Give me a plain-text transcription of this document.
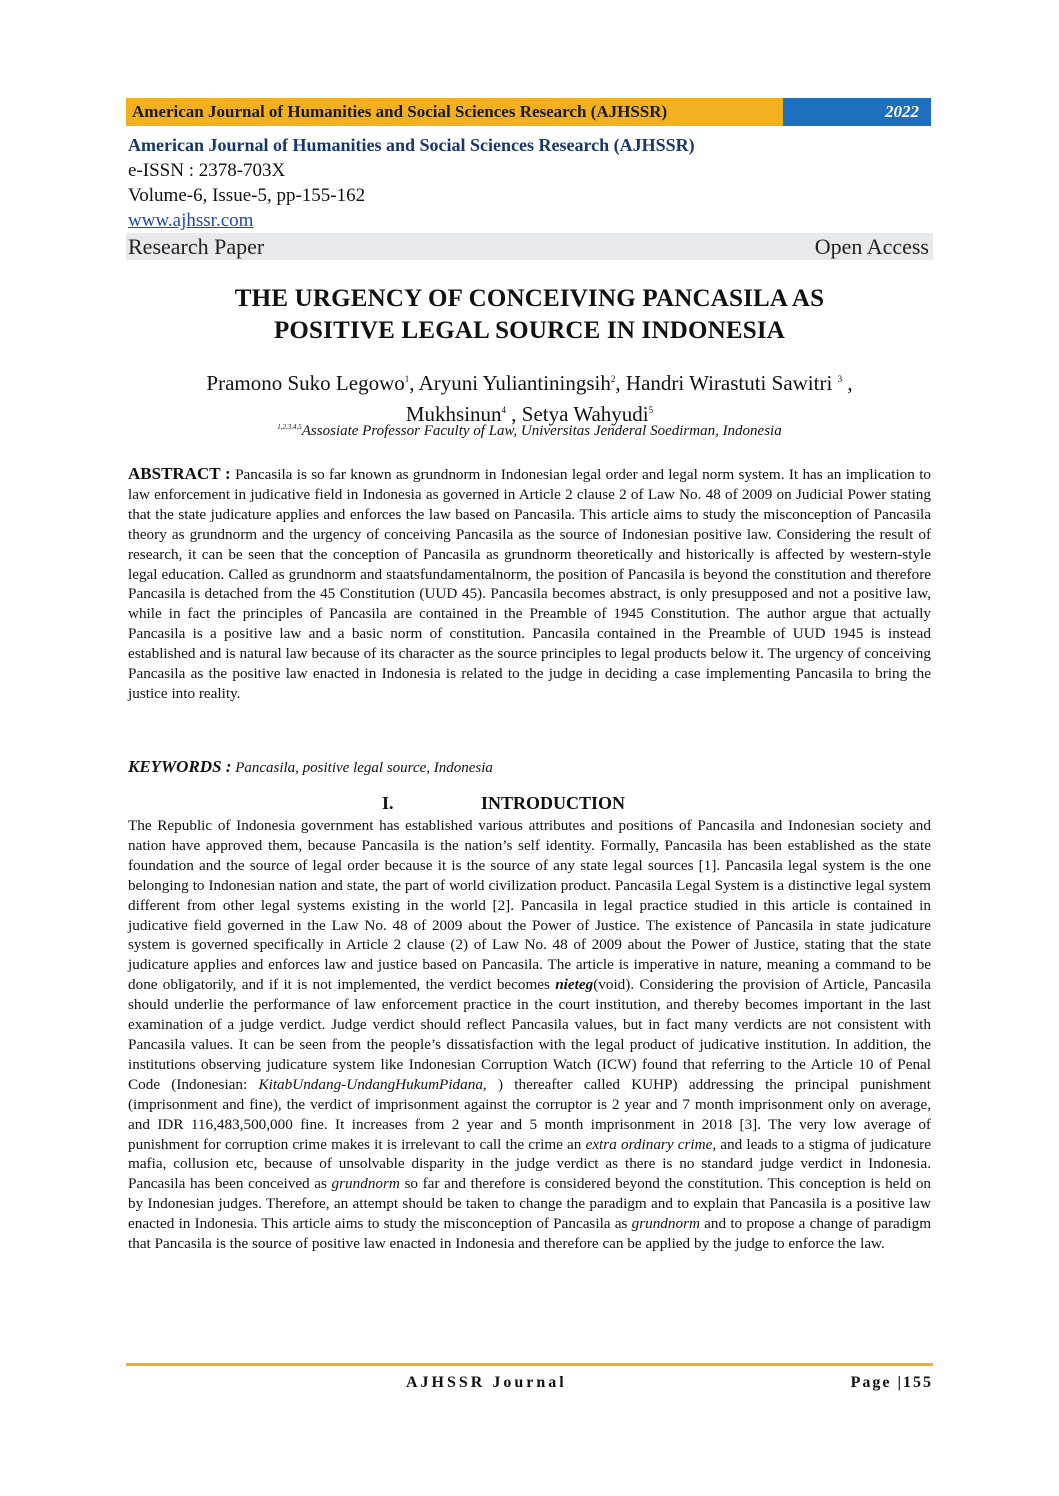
American Journal of Humanities and Social Sciences Research (AJHSSR)	2022
American Journal of Humanities and Social Sciences Research (AJHSSR)
e-ISSN : 2378-703X
Volume-6, Issue-5, pp-155-162
www.ajhssr.com
Research Paper	Open Access
THE URGENCY OF CONCEIVING PANCASILA AS
POSITIVE LEGAL SOURCE IN INDONESIA
Pramono Suko Legowo$^1$, Aryuni Yuliantiningsih$^2$, Handri Wirastuti Sawitri $^3$ ,
Mukhsinun$^4$ , Setya Wahyudi$^5$
$^{1,2,3,4,5}$Assosiate Professor Faculty of Law, Universitas Jenderal Soedirman, Indonesia
ABSTRACT : Pancasila is so far known as grundnorm in Indonesian legal order and legal norm system. It has an implication to law enforcement in judicative field in Indonesia as governed in Article 2 clause 2 of Law No. 48 of 2009 on Judicial Power stating that the state judicature applies and enforces the law based on Pancasila. This article aims to study the misconception of Pancasila theory as grundnorm and the urgency of conceiving Pancasila as the source of Indonesian positive law. Considering the result of research, it can be seen that the conception of Pancasila as grundnorm theoretically and historically is affected by western-style legal education. Called as grundnorm and staatsfundamentalnorm, the position of Pancasila is beyond the constitution and therefore Pancasila is detached from the 45 Constitution (UUD 45). Pancasila becomes abstract, is only presupposed and not a positive law, while in fact the principles of Pancasila are contained in the Preamble of 1945 Constitution. The author argue that actually Pancasila is a positive law and a basic norm of constitution. Pancasila contained in the Preamble of UUD 1945 is instead established and is natural law because of its character as the source principles to legal products below it. The urgency of conceiving Pancasila as the positive law enacted in Indonesia is related to the judge in deciding a case implementing Pancasila to bring the justice into reality.
KEYWORDS : Pancasila, positive legal source, Indonesia
I.	INTRODUCTION
The Republic of Indonesia government has established various attributes and positions of Pancasila and Indonesian society and nation have approved them, because Pancasila is the nation’s self identity. Formally, Pancasila has been established as the state foundation and the source of legal order because it is the source of any state legal sources [1]. Pancasila legal system is the one belonging to Indonesian nation and state, the part of world civilization product. Pancasila Legal System is a distinctive legal system different from other legal systems existing in the world [2]. Pancasila in legal practice studied in this article is contained in judicative field governed in the Law No. 48 of 2009 about the Power of Justice. The existence of Pancasila in state judicature system is governed specifically in Article 2 clause (2) of Law No. 48 of 2009 about the Power of Justice, stating that the state judicature applies and enforces law and justice based on Pancasila. The article is imperative in nature, meaning a command to be done obligatorily, and if it is not implemented, the verdict becomes nieteg(void). Considering the provision of Article, Pancasila should underlie the performance of law enforcement practice in the court institution, and thereby becomes important in the last examination of a judge verdict. Judge verdict should reflect Pancasila values, but in fact many verdicts are not consistent with Pancasila values. It can be seen from the people’s dissatisfaction with the legal product of judicative institution. In addition, the institutions observing judicature system like Indonesian Corruption Watch (ICW) found that referring to the Article 10 of Penal Code (Indonesian: KitabUndang-UndangHukumPidana, ) thereafter called KUHP) addressing the principal punishment (imprisonment and fine), the verdict of imprisonment against the corruptor is 2 year and 7 month imprisonment only on average, and IDR 116,483,500,000 fine. It increases from 2 year and 5 month imprisonment in 2018 [3]. The very low average of punishment for corruption crime makes it is irrelevant to call the crime an extra ordinary crime, and leads to a stigma of judicature mafia, collusion etc, because of unsolvable disparity in the judge verdict as there is no standard judge verdict in Indonesia. Pancasila has been conceived as grundnorm so far and therefore is considered beyond the constitution. This conception is held on by Indonesian judges. Therefore, an attempt should be taken to change the paradigm and to explain that Pancasila is a positive law enacted in Indonesia. This article aims to study the misconception of Pancasila as grundnorm and to propose a change of paradigm that Pancasila is the source of positive law enacted in Indonesia and therefore can be applied by the judge to enforce the law.
AJHSSR Journal	Page |155
